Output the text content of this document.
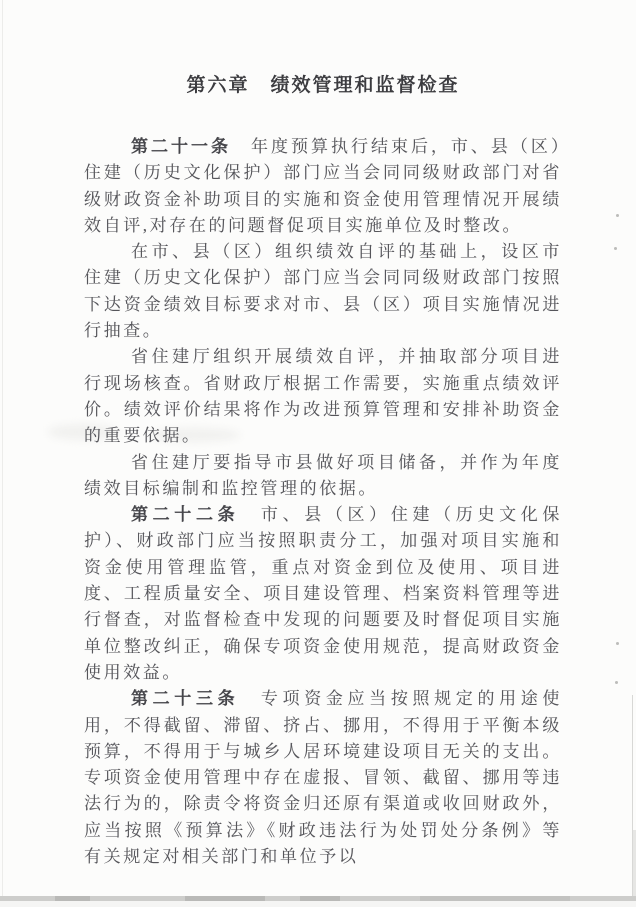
第六章　绩效管理和监督检查

第二十一条　年度预算执行结束后，市、县（区）住建（历史文化保护）部门应当会同同级财政部门对省级财政资金补助项目的实施和资金使用管理情况开展绩效自评,对存在的问题督促项目实施单位及时整改。

在市、县（区）组织绩效自评的基础上，设区市住建（历史文化保护）部门应当会同同级财政部门按照下达资金绩效目标要求对市、县（区）项目实施情况进行抽查。

省住建厅组织开展绩效自评，并抽取部分项目进行现场核查。省财政厅根据工作需要，实施重点绩效评价。绩效评价结果将作为改进预算管理和安排补助资金的重要依据。

省住建厅要指导市县做好项目储备，并作为年度绩效目标编制和监控管理的依据。

第二十二条　市、县（区）住建（历史文化保护）、财政部门应当按照职责分工，加强对项目实施和资金使用管理监管，重点对资金到位及使用、项目进度、工程质量安全、项目建设管理、档案资料管理等进行督查，对监督检查中发现的问题要及时督促项目实施单位整改纠正，确保专项资金使用规范，提高财政资金使用效益。

第二十三条　专项资金应当按照规定的用途使用，不得截留、滞留、挤占、挪用，不得用于平衡本级预算，不得用于与城乡人居环境建设项目无关的支出。专项资金使用管理中存在虚报、冒领、截留、挪用等违法行为的，除责令将资金归还原有渠道或收回财政外，应当按照《预算法》《财政违法行为处罚处分条例》等有关规定对相关部门和单位予以
